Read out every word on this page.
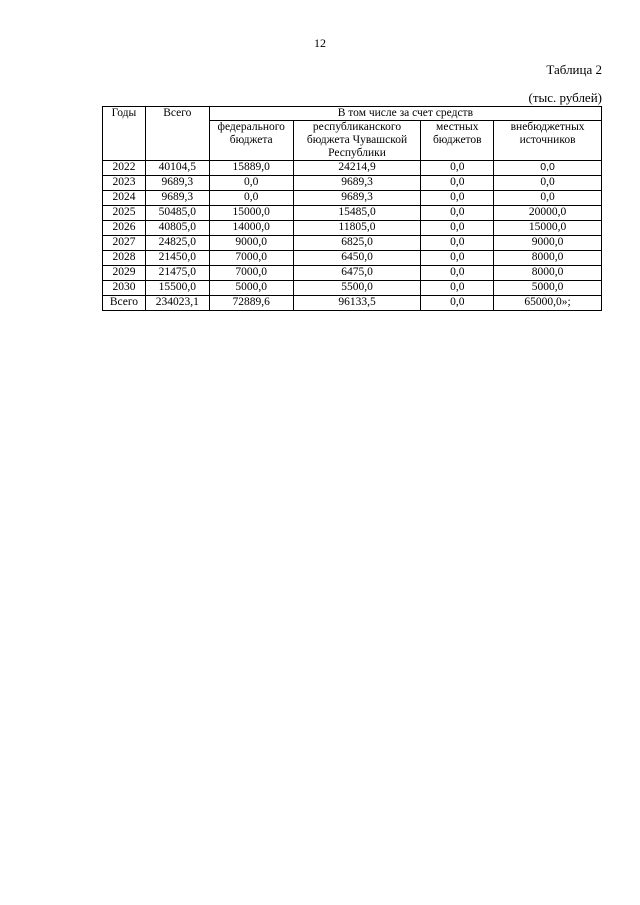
12
Таблица 2
(тыс. рублей)
Годы	Всего	В том числе за счет средств			
		федерального бюджета	республиканского бюджета Чувашской Республики	местных бюджетов	внебюджетных источников
2022	40104,5	15889,0	24214,9	0,0	0,0
2023	9689,3	0,0	9689,3	0,0	0,0
2024	9689,3	0,0	9689,3	0,0	0,0
2025	50485,0	15000,0	15485,0	0,0	20000,0
2026	40805,0	14000,0	11805,0	0,0	15000,0
2027	24825,0	9000,0	6825,0	0,0	9000,0
2028	21450,0	7000,0	6450,0	0,0	8000,0
2029	21475,0	7000,0	6475,0	0,0	8000,0
2030	15500,0	5000,0	5500,0	0,0	5000,0
Всего	234023,1	72889,6	96133,5	0,0	65000,0»;
